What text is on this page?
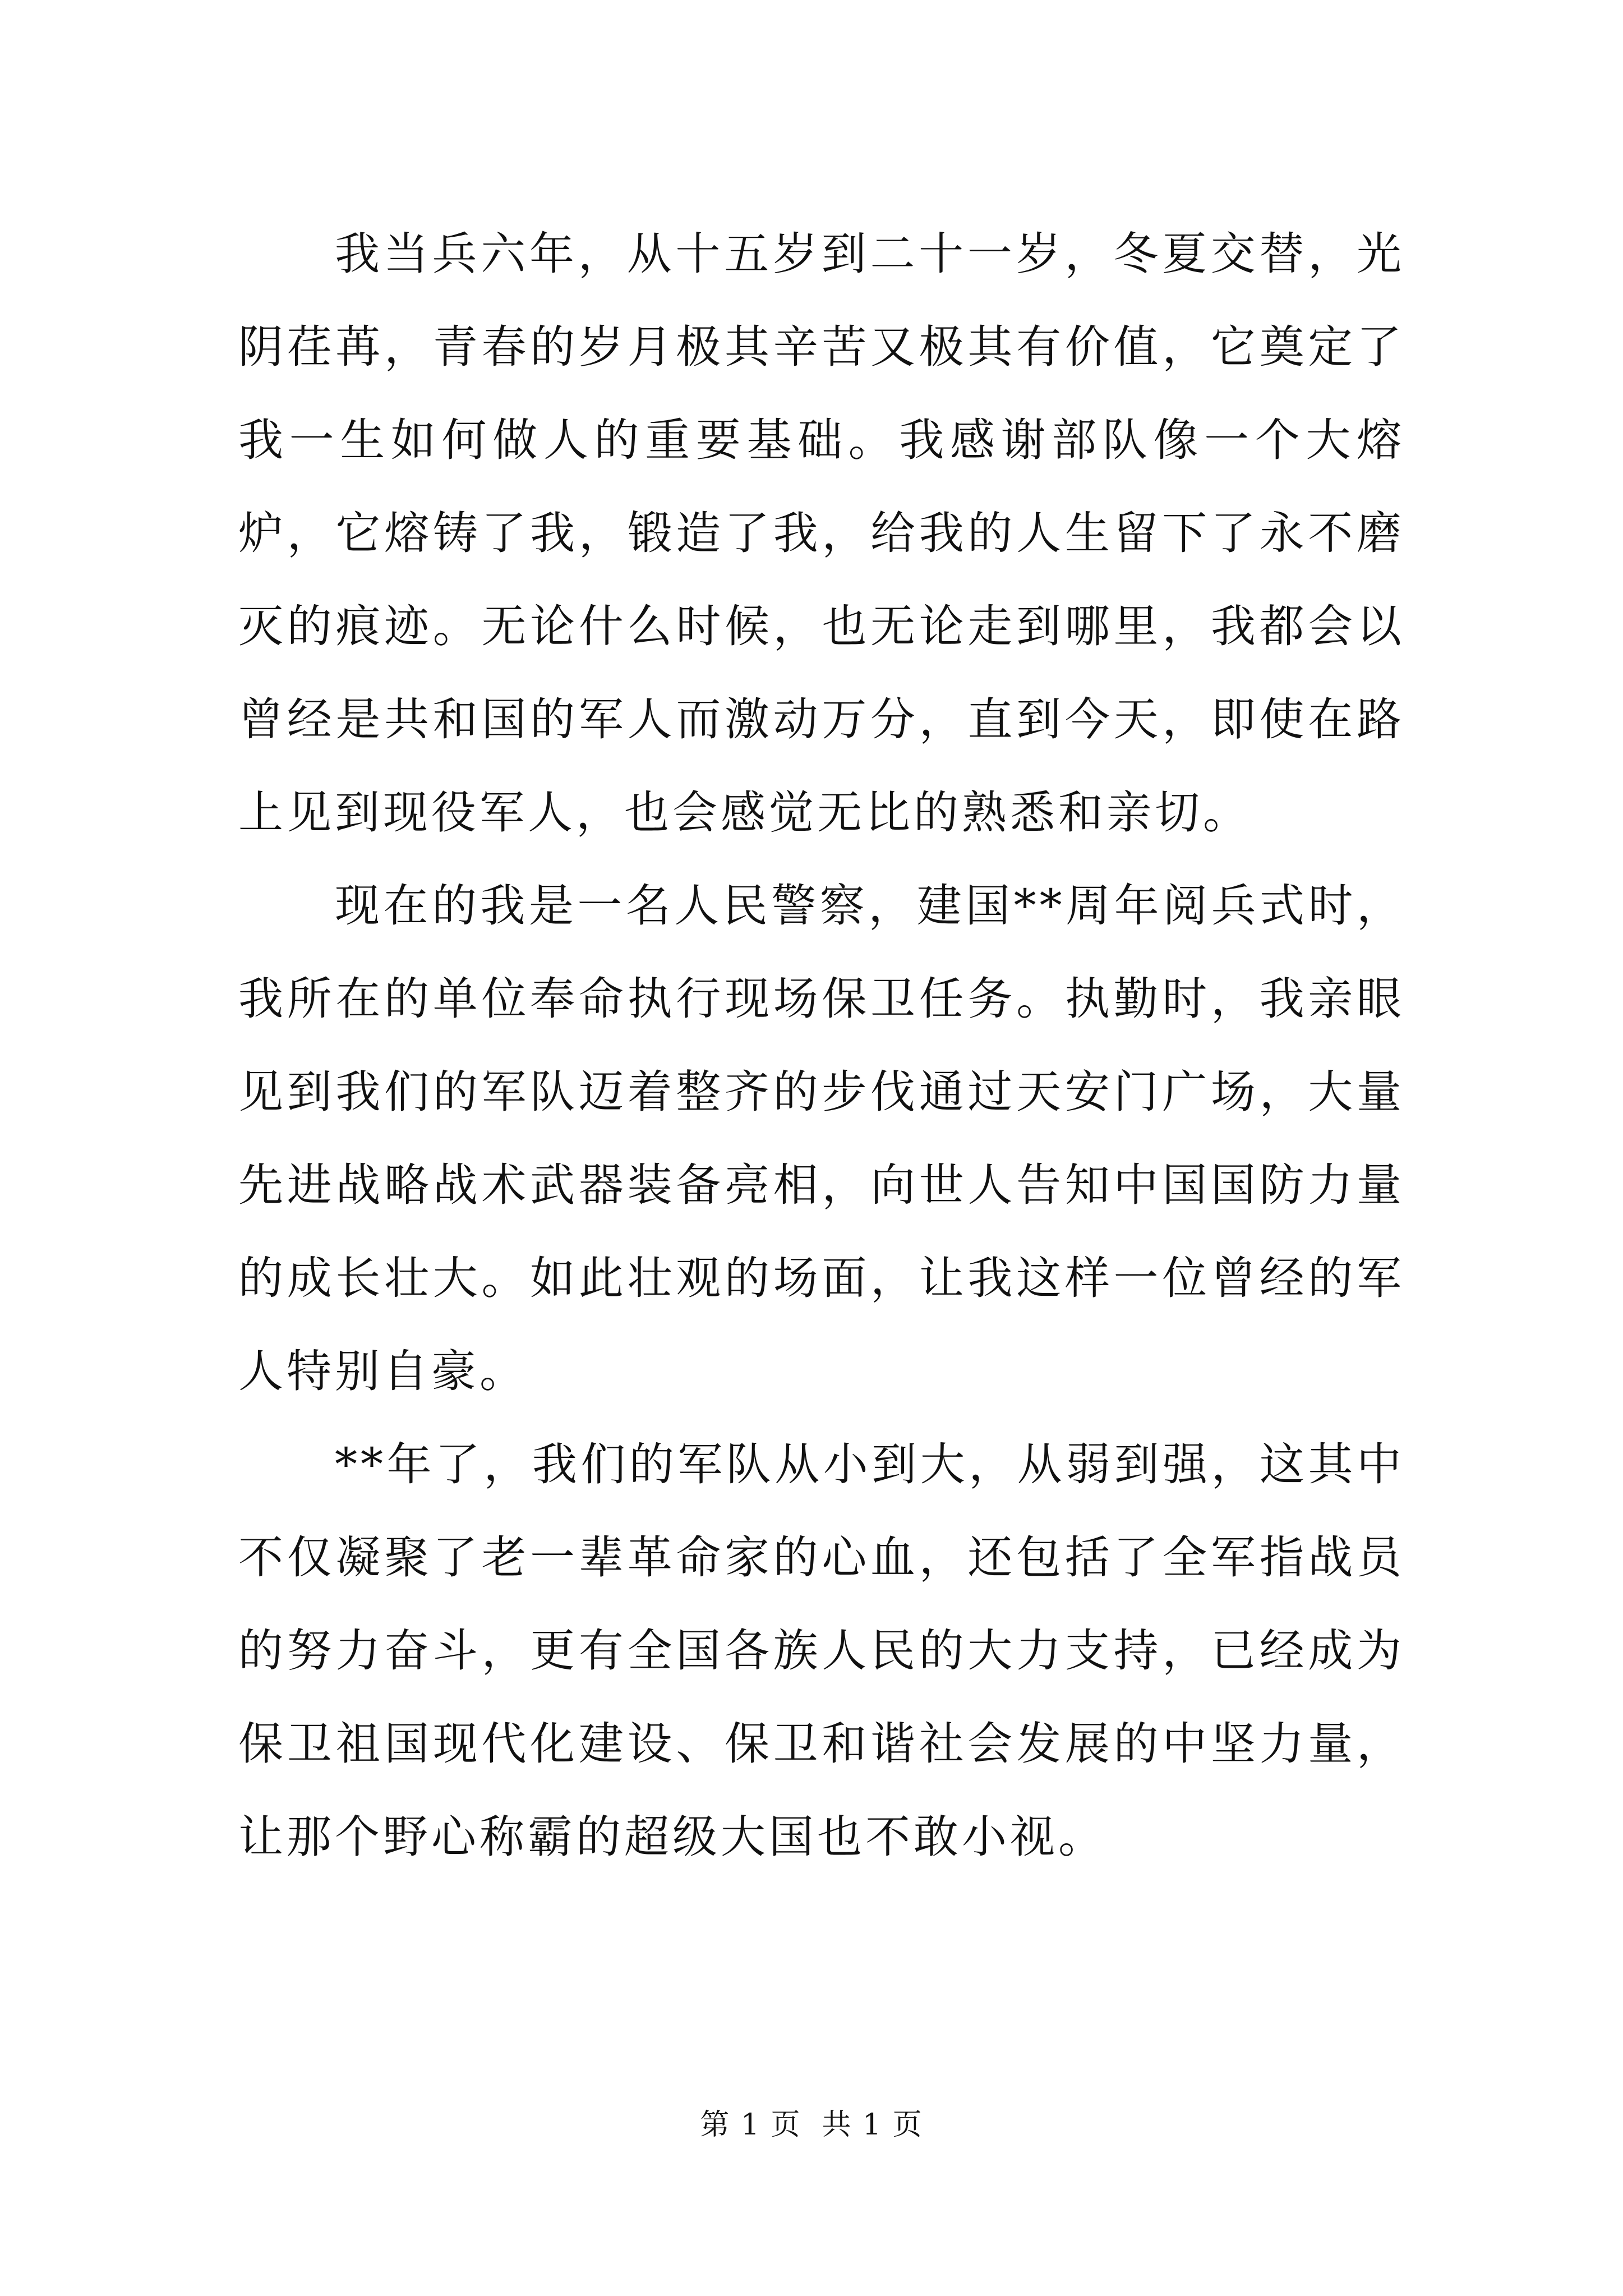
我当兵六年，从十五岁到二十一岁，冬夏交替，光阴荏苒，青春的岁月极其辛苦又极其有价值，它奠定了我一生如何做人的重要基础。我感谢部队像一个大熔炉，它熔铸了我，锻造了我，给我的人生留下了永不磨灭的痕迹。无论什么时候，也无论走到哪里，我都会以曾经是共和国的军人而激动万分，直到今天，即使在路上见到现役军人，也会感觉无比的熟悉和亲切。

现在的我是一名人民警察，建国**周年阅兵式时，我所在的单位奉命执行现场保卫任务。执勤时，我亲眼见到我们的军队迈着整齐的步伐通过天安门广场，大量先进战略战术武器装备亮相，向世人告知中国国防力量的成长壮大。如此壮观的场面，让我这样一位曾经的军人特别自豪。

**年了，我们的军队从小到大，从弱到强，这其中不仅凝聚了老一辈革命家的心血，还包括了全军指战员的努力奋斗，更有全国各族人民的大力支持，已经成为保卫祖国现代化建设、保卫和谐社会发展的中坚力量，让那个野心称霸的超级大国也不敢小视。

第 1 页  共 1 页
